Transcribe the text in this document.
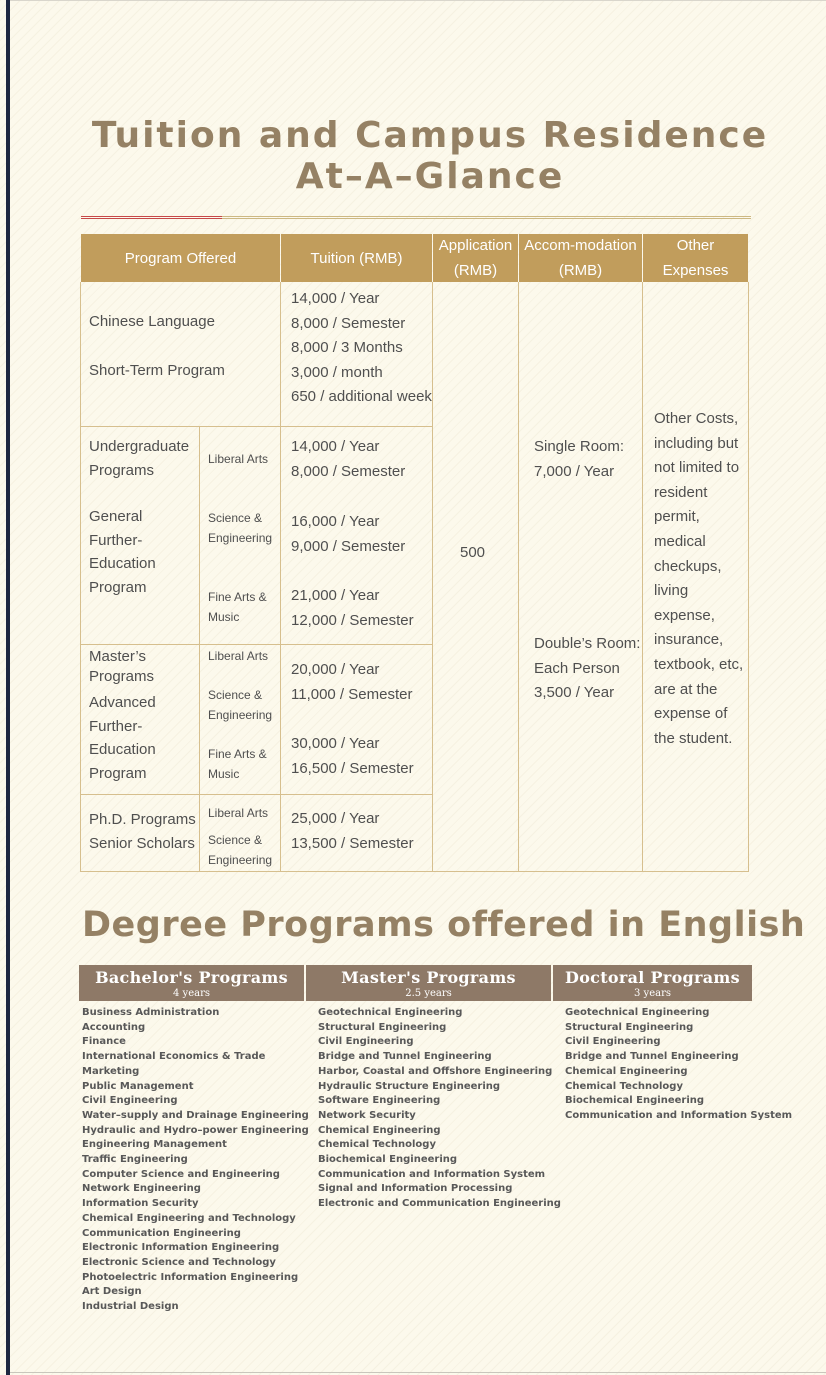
Tuition and Campus Residence
At–A–Glance
Program Offered	Tuition (RMB)
Application
(RMB)
Accom-modation
(RMB)
Other
Expenses
Chinese Language
Short-Term Program
14,000 / Year
8,000 / Semester
8,000 / 3 Months
3,000 / month
650 / additional week
Undergraduate
Programs
General
Further-
Education
Program
Liberal Arts
Science &
Engineering
Fine Arts &
Music
14,000 / Year
8,000 / Semester
16,000 / Year
9,000 / Semester
21,000 / Year
12,000 / Semester
Master’s
Programs
Advanced
Further-
Education
Program
Liberal Arts
Science &
Engineering
Fine Arts &
Music
20,000 / Year
11,000 / Semester
30,000 / Year
16,500 / Semester
Ph.D. Programs
Senior Scholars
Liberal Arts
Science &
Engineering
25,000 / Year
13,500 / Semester
500
Single Room:
7,000 / Year
Double’s Room:
Each Person
3,500 / Year
Other Costs,
including but
not limited to
resident
permit,
medical
checkups,
living
expense,
insurance,
textbook, etc,
are at the
expense of
the student.
Degree Programs offered in English
Bachelor's Programs
4 years
Master's Programs
2.5 years
Doctoral Programs
3 years
Business Administration
Accounting
Finance
International Economics & Trade
Marketing
Public Management
Civil Engineering
Water–supply and Drainage Engineering
Hydraulic and Hydro–power Engineering
Engineering Management
Traffic Engineering
Computer Science and Engineering
Network Engineering
Information Security
Chemical Engineering and Technology
Communication Engineering
Electronic Information Engineering
Electronic Science and Technology
Photoelectric Information Engineering
Art Design
Industrial Design
Geotechnical Engineering
Structural Engineering
Civil Engineering
Bridge and Tunnel Engineering
Harbor, Coastal and Offshore Engineering
Hydraulic Structure Engineering
Software Engineering
Network Security
Chemical Engineering
Chemical Technology
Biochemical Engineering
Communication and Information System
Signal and Information Processing
Electronic and Communication Engineering
Geotechnical Engineering
Structural Engineering
Civil Engineering
Bridge and Tunnel Engineering
Chemical Engineering
Chemical Technology
Biochemical Engineering
Communication and Information System
